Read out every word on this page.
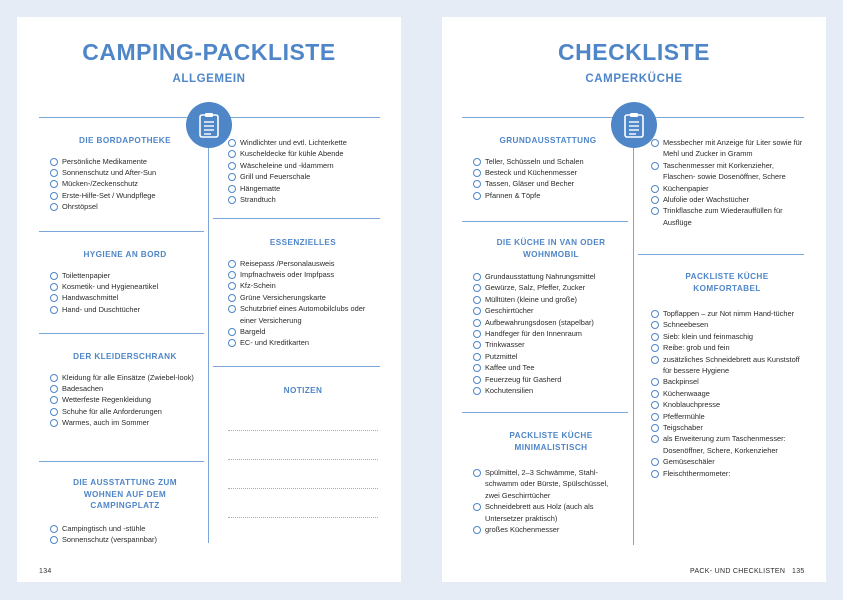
CAMPING-PACKLISTE
ALLGEMEIN
DIE BORDAPOTHEKE
Persönliche Medikamente
Sonnenschutz und After-Sun
Mücken-/Zeckenschutz
Erste-Hilfe-Set / Wundpflege
Ohrstöpsel
HYGIENE AN BORD
Toilettenpapier
Kosmetik- und Hygieneartikel
Handwaschmittel
Hand- und Duschtücher
DER KLEIDERSCHRANK
Kleidung für alle Einsätze (Zwiebel-look)
Badesachen
Wetterfeste Regenkleidung
Schuhe für alle Anforderungen
Warmes, auch im Sommer
DIE AUSSTATTUNG ZUM WOHNEN AUF DEM CAMPINGPLATZ
Campingtisch und -stühle
Sonnenschutz (verspannbar)
Windlichter und evtl. Lichterkette
Kuscheldecke für kühle Abende
Wäscheleine und -klammern
Grill und Feuerschale
Hängematte
Strandtuch
ESSENZIELLES
Reisepass /Personalausweis
Impfnachweis oder Impfpass
Kfz-Schein
Grüne Versicherungskarte
Schutzbrief eines Automobilclubs oder einer Versicherung
Bargeld
EC- und Kreditkarten
NOTIZEN
134
CHECKLISTE
CAMPERKÜCHE
GRUNDAUSSTATTUNG
Teller, Schüsseln und Schalen
Besteck und Küchenmesser
Tassen, Gläser und Becher
Pfannen & Töpfe
DIE KÜCHE IN VAN ODER WOHNMOBIL
Grundausstattung Nahrungsmittel
Gewürze, Salz, Pfeffer, Zucker
Mülltüten (kleine und große)
Geschirrtücher
Aufbewahrungsdosen (stapelbar)
Handfeger für den Innenraum
Trinkwasser
Putzmittel
Kaffee und Tee
Feuerzeug für Gasherd
Kochutensilien
PACKLISTE KÜCHE MINIMALISTISCH
Spülmittel, 2–3 Schwämme, Stahl-schwamm oder Bürste, Spülschüssel, zwei Geschirrtücher
Schneidebrett aus Holz (auch als Untersetzer praktisch)
großes Küchenmesser
Messbecher mit Anzeige für Liter sowie für Mehl und Zucker in Gramm
Taschenmesser mit Korkenzieher, Flaschen- sowie Dosenöffner, Schere
Küchenpapier
Alufolie oder Wachstücher
Trinkflasche zum Wiederauffüllen für Ausflüge
PACKLISTE KÜCHE KOMFORTABEL
Topflappen – zur Not nimm Hand-tücher
Schneebesen
Sieb: klein und feinmaschig
Reibe: grob und fein
zusätzliches Schneidebrett aus Kunststoff für bessere Hygiene
Backpinsel
Küchenwaage
Knoblauchpresse
Pfeffermühle
Teigschaber
als Erweiterung zum Taschenmesser: Dosenöffner, Schere, Korkenzieher
Gemüseschäler
Fleischthermometer:
PACK- UND CHECKLISTEN 135
